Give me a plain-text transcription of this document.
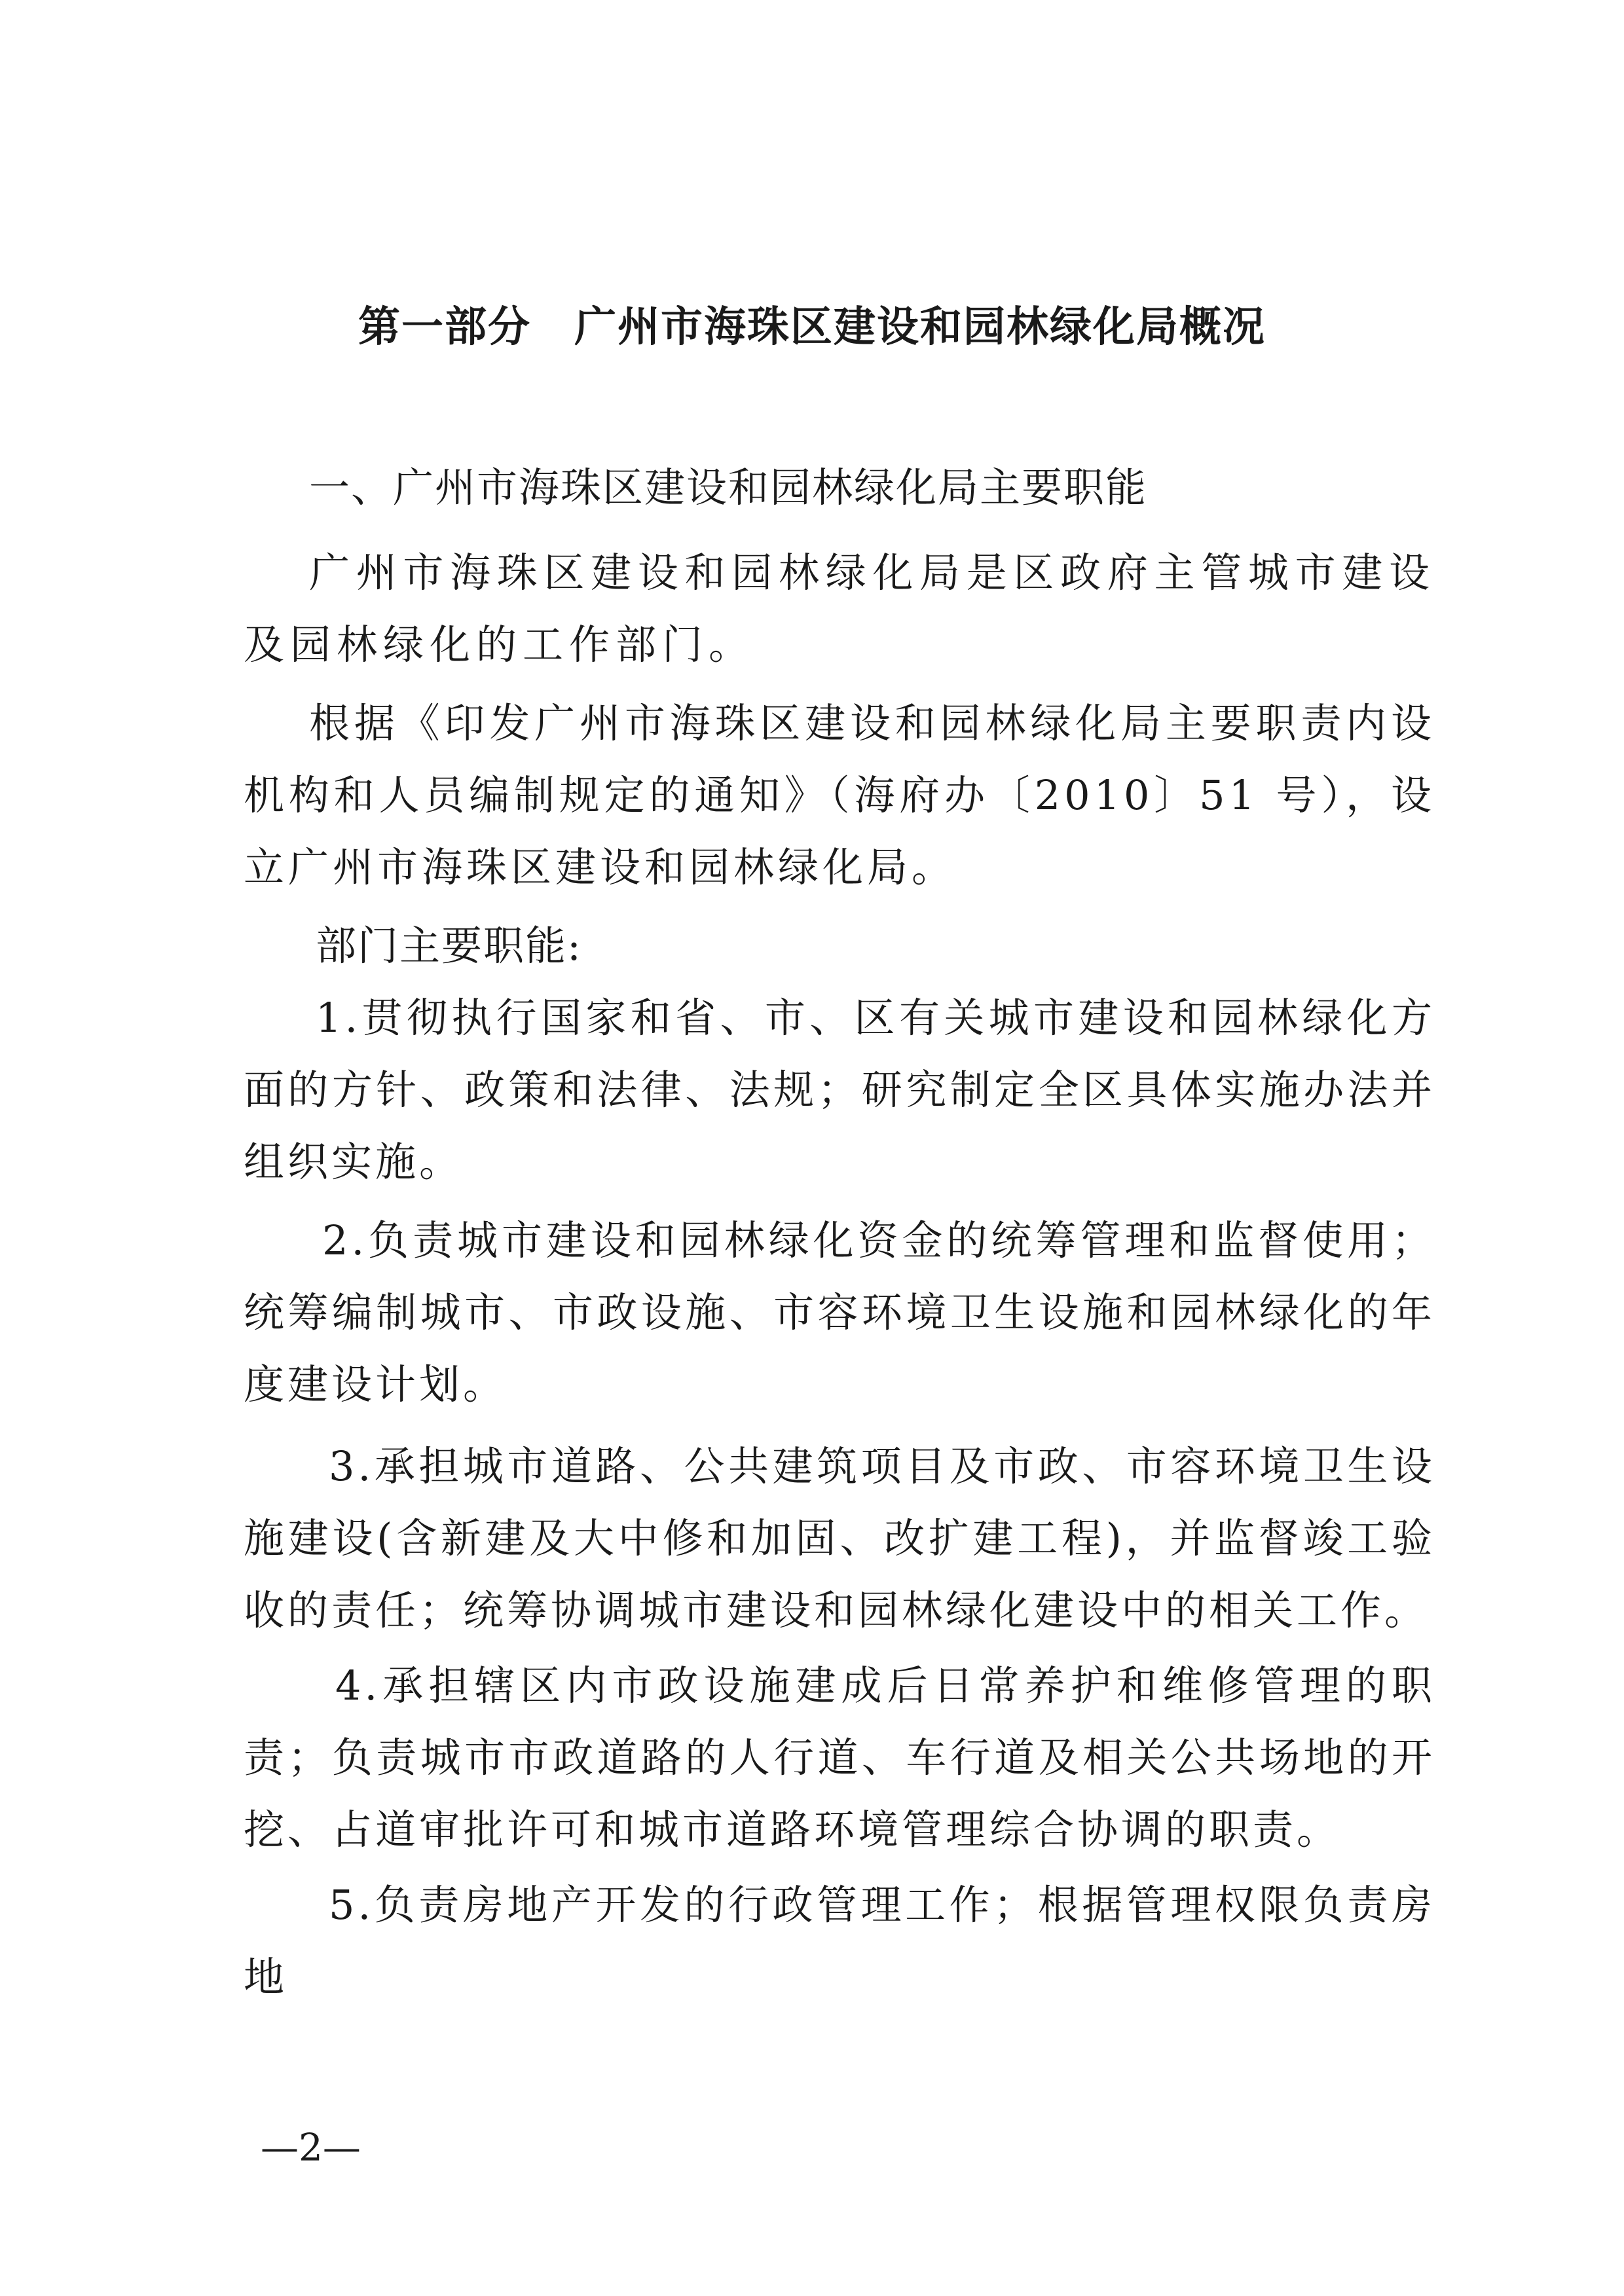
第一部分　广州市海珠区建设和园林绿化局概况
一、广州市海珠区建设和园林绿化局主要职能
广州市海珠区建设和园林绿化局是区政府主管城市建设及园林绿化的工作部门。
根据《印发广州市海珠区建设和园林绿化局主要职责内设机构和人员编制规定的通知》（海府办〔2010〕51 号），设立广州市海珠区建设和园林绿化局。
部门主要职能:
1.贯彻执行国家和省、市、区有关城市建设和园林绿化方面的方针、政策和法律、法规；研究制定全区具体实施办法并组织实施。
2.负责城市建设和园林绿化资金的统筹管理和监督使用；统筹编制城市、市政设施、市容环境卫生设施和园林绿化的年度建设计划。
3.承担城市道路、公共建筑项目及市政、市容环境卫生设施建设(含新建及大中修和加固、改扩建工程)，并监督竣工验收的责任；统筹协调城市建设和园林绿化建设中的相关工作。
4.承担辖区内市政设施建成后日常养护和维修管理的职责；负责城市市政道路的人行道、车行道及相关公共场地的开挖、占道审批许可和城市道路环境管理综合协调的职责。
5.负责房地产开发的行政管理工作；根据管理权限负责房地
—2—
